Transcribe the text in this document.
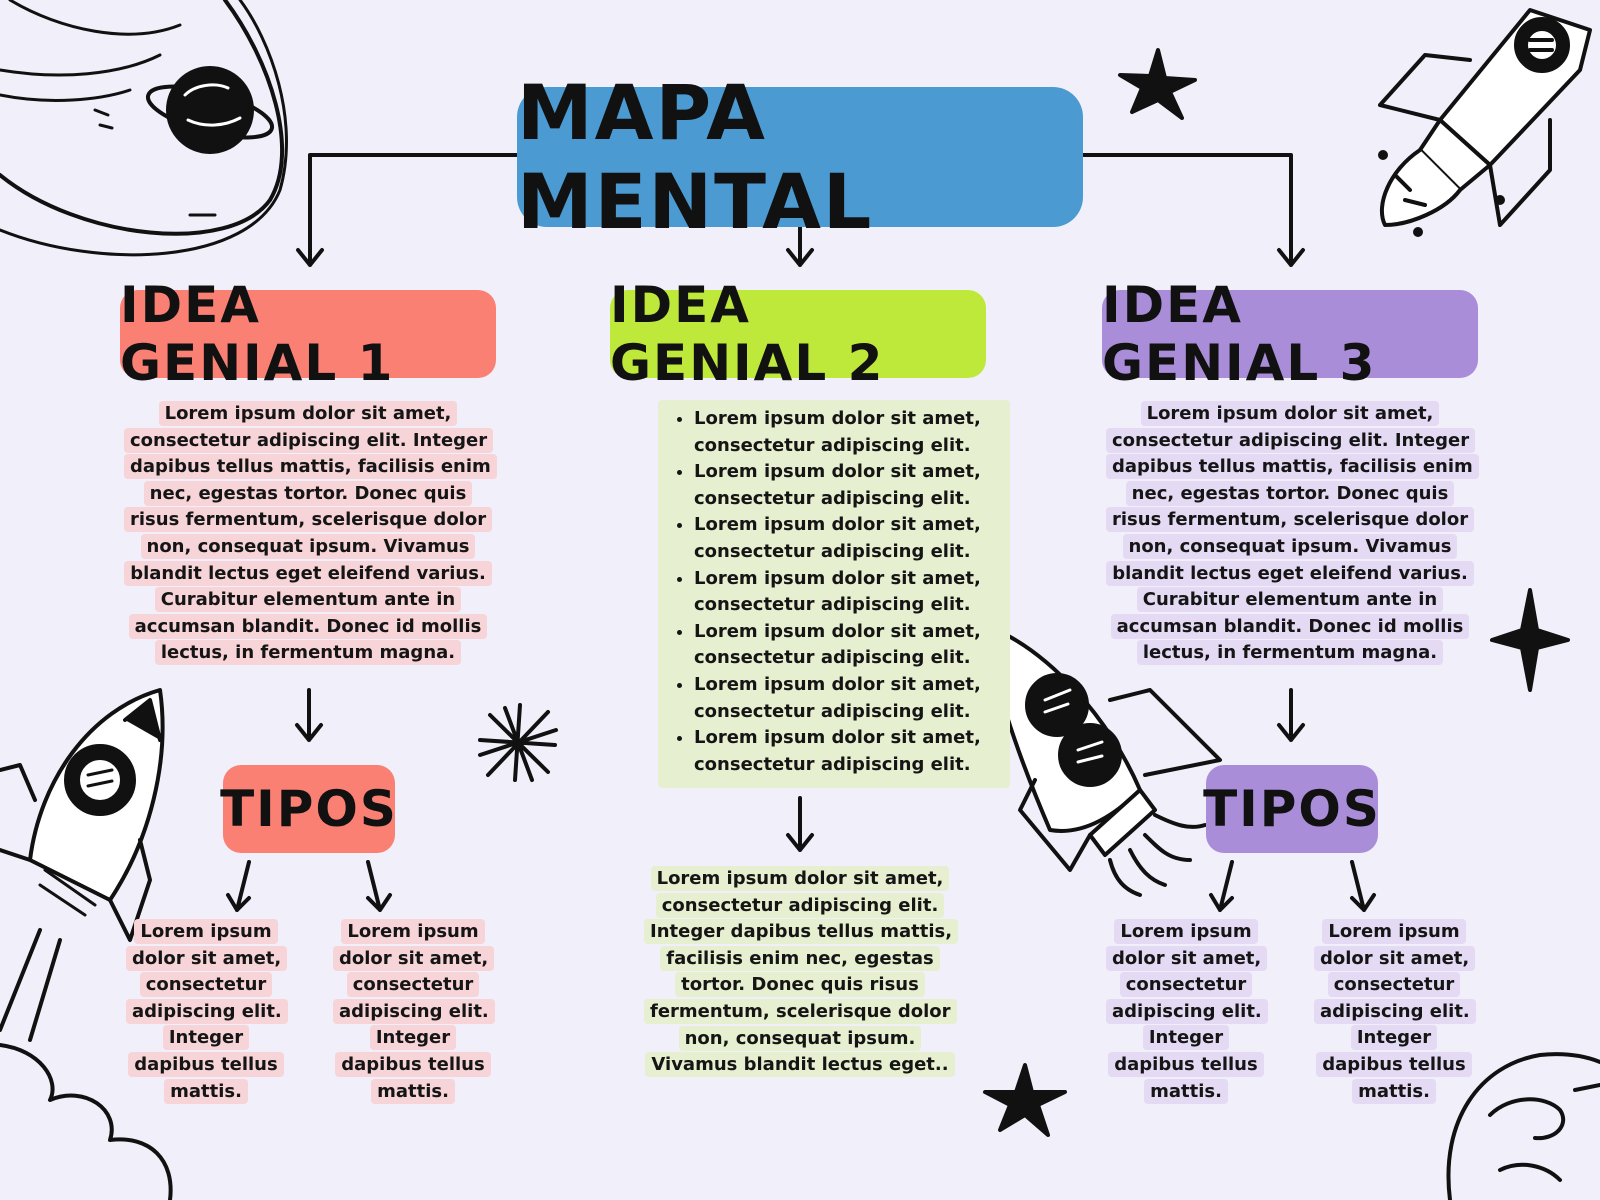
MAPA MENTAL
IDEA GENIAL 1
Lorem ipsum dolor sit amet, consectetur adipiscing elit. Integer dapibus tellus mattis, facilisis enim nec, egestas tortor. Donec quis risus fermentum, scelerisque dolor non, consequat ipsum. Vivamus blandit lectus eget eleifend varius. Curabitur elementum ante in accumsan blandit. Donec id mollis lectus, in fermentum magna.
TIPOS
Lorem ipsum dolor sit amet, consectetur adipiscing elit. Integer dapibus tellus mattis.
Lorem ipsum dolor sit amet, consectetur adipiscing elit. Integer dapibus tellus mattis.
IDEA GENIAL 2
• Lorem ipsum dolor sit amet, consectetur adipiscing elit.
• Lorem ipsum dolor sit amet, consectetur adipiscing elit.
• Lorem ipsum dolor sit amet, consectetur adipiscing elit.
• Lorem ipsum dolor sit amet, consectetur adipiscing elit.
• Lorem ipsum dolor sit amet, consectetur adipiscing elit.
• Lorem ipsum dolor sit amet, consectetur adipiscing elit.
• Lorem ipsum dolor sit amet, consectetur adipiscing elit.
Lorem ipsum dolor sit amet, consectetur adipiscing elit. Integer dapibus tellus mattis, facilisis enim nec, egestas tortor. Donec quis risus fermentum, scelerisque dolor non, consequat ipsum. Vivamus blandit lectus eget..
IDEA GENIAL 3
Lorem ipsum dolor sit amet, consectetur adipiscing elit. Integer dapibus tellus mattis, facilisis enim nec, egestas tortor. Donec quis risus fermentum, scelerisque dolor non, consequat ipsum. Vivamus blandit lectus eget eleifend varius. Curabitur elementum ante in accumsan blandit. Donec id mollis lectus, in fermentum magna.
TIPOS
Lorem ipsum dolor sit amet, consectetur adipiscing elit. Integer dapibus tellus mattis.
Lorem ipsum dolor sit amet, consectetur adipiscing elit. Integer dapibus tellus mattis.
